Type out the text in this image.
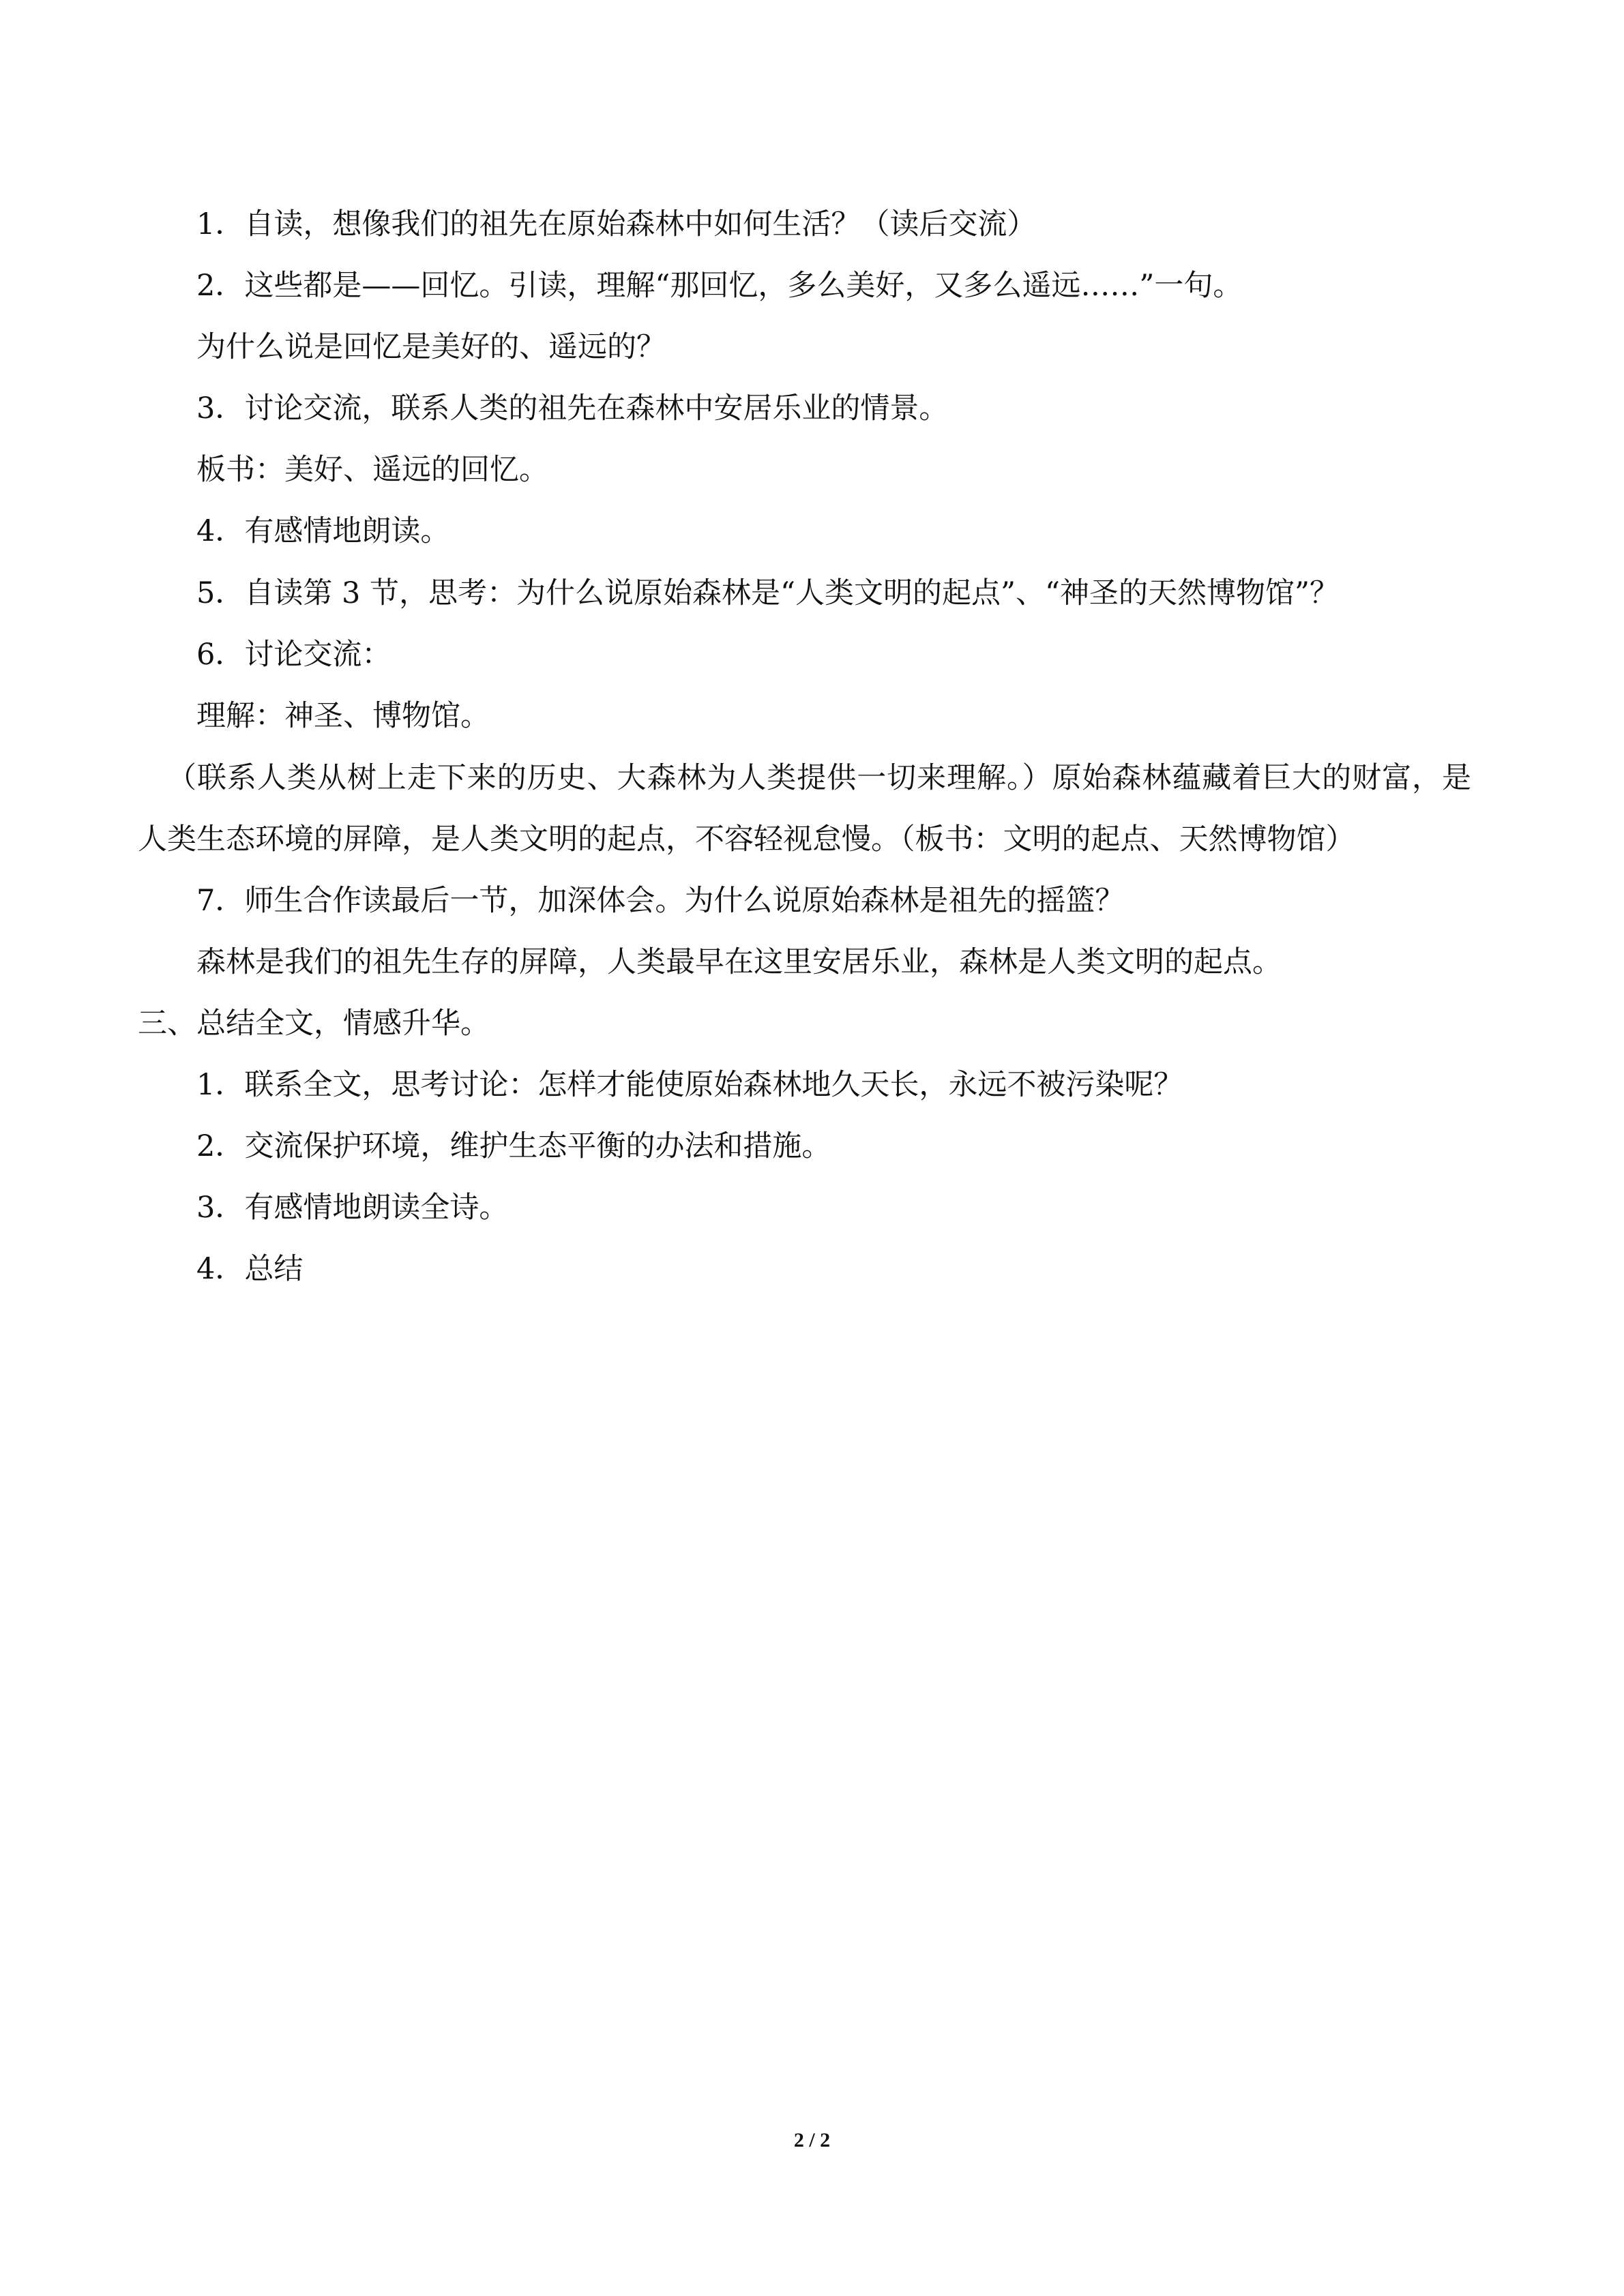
1．自读，想像我们的祖先在原始森林中如何生活？（读后交流）
2．这些都是——回忆。引读，理解“那回忆，多么美好，又多么遥远……”一句。
为什么说是回忆是美好的、遥远的？
3．讨论交流，联系人类的祖先在森林中安居乐业的情景。
板书：美好、遥远的回忆。
4．有感情地朗读。
5．自读第 3 节，思考：为什么说原始森林是“人类文明的起点”、“神圣的天然博物馆”？
6．讨论交流：
理解：神圣、博物馆。
（联系人类从树上走下来的历史、大森林为人类提供一切来理解。）原始森林蕴藏着巨大的财富，是人类生态环境的屏障，是人类文明的起点，不容轻视怠慢。（板书：文明的起点、天然博物馆）
7．师生合作读最后一节，加深体会。为什么说原始森林是祖先的摇篮？
森林是我们的祖先生存的屏障，人类最早在这里安居乐业，森林是人类文明的起点。
三、总结全文，情感升华。
1．联系全文，思考讨论：怎样才能使原始森林地久天长，永远不被污染呢？
2．交流保护环境，维护生态平衡的办法和措施。
3．有感情地朗读全诗。
4．总结
2 / 2
